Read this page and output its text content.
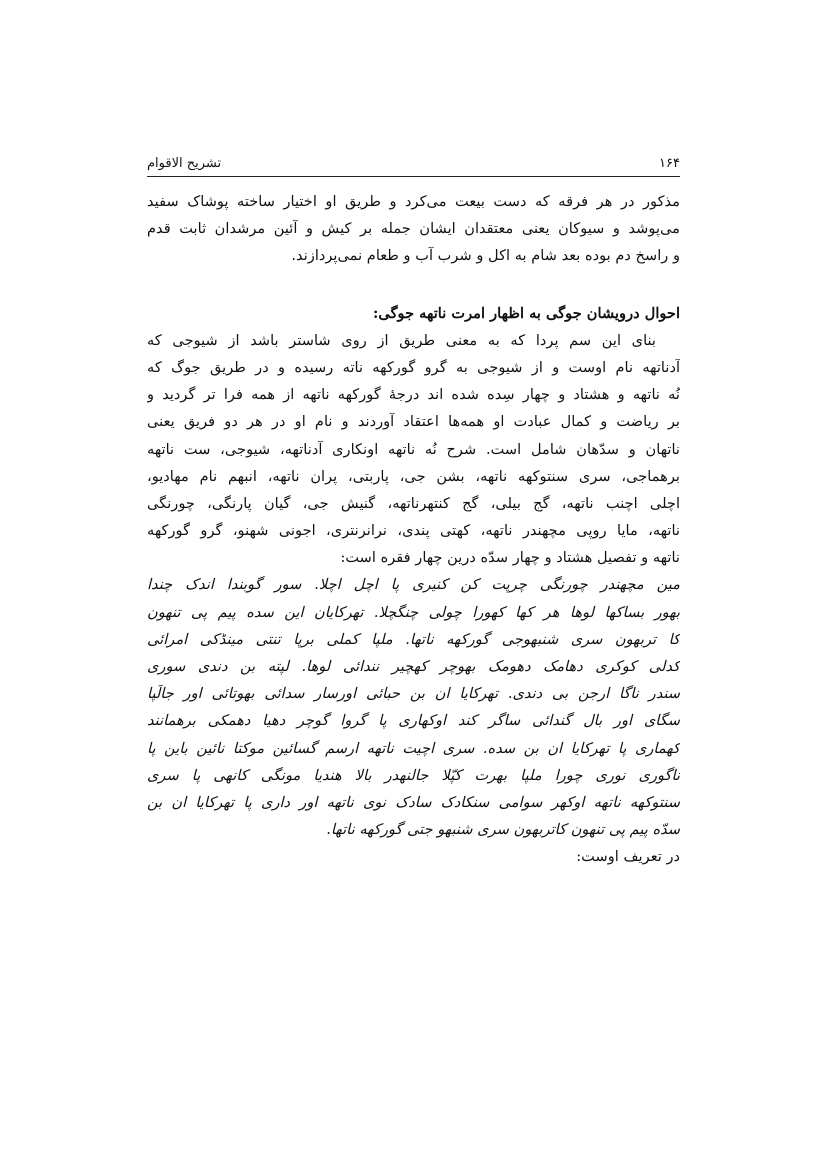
۱۶۴
تشریح الاقوام
مذکور در هر فرقه که دست بیعت می‌کرد و طریق او اختیار ساخته پوشاک سفید
می‌پوشد و سیوکان یعنی معتقدان ایشان جمله بر کیش و آئین مرشدان ثابت قدم
و راسخ دم بوده بعد شام به اکل و شرب آب و طعام نمی‌پردازند.
احوال درویشان جوگی به اظهار امرت ناتهه جوگی:
بنای این سم پردا که به معنی طریق از روی شاستر باشد از شیوجی که
آدناتهه نام اوست و از شیوجی به گرو گورکهه ناته رسیده و در طریق جوگ که
نُه ناتهه و هشتاد و چهار سِده شده اند درجهٔ گورکهه ناتهه از همه فرا تر گردید و
بر ریاضت و کمال عبادت او همه‌ها اعتقاد آوردند و نام او در هر دو فریق یعنی
ناتهان و سدّهان شامل است. شرح نُه ناتهه اونکاری آدناتهه، شیوجی، ست ناتهه
برهماجی، سری سنتوکهه ناتهه، بشن جی، پاربتی، پران ناتهه، انبهم نام مهادیو،
اچلی اچنب ناتهه، گج بیلی، گج کنتهرناتهه، گنیش جی، گیان پارنگی، چورنگی
ناتهه، مایا روپی مچهندر ناتهه، کهتی پندی، نرانرنتری، اجونی شهنو، گرو گورکهه
ناتهه و تفصیل هشتاد و چهار سدّه درین چهار فقره است:
مین مچهندر چورنگی چرپت کن کنیری پا اچل اچلا. سور گوبندا اندک چندا
بهور بساکها لوها هر کها کهورا چولی چنگچلا. تهرکایان این سده پیم پی تنهون
کا تربهون سری شنبهوجی گورکهه ناتها. ملپا کملی برپا تنتی مینڈکی امرائی
کدلی کوکری دهامک دهومک بهوچر کهچیر نندائی لوها. لپته بن دندی سوری
سندر ناگا ارجن بی دندی. تهرکایا ان بن حبائی اورسار سدائی بهوتائی اور جالَپا
سگای اور بال گندائی ساگر کند اوکهاری پا گروا گوچر دهیا دهمکی برهمانند
کهماری پا تهرکایا ان بن سده. سری اچیت ناتهه ارسم گسائین موکتا نائین باین پا
ناگوری نوری چورا ملپا بهرت کپّلا جالنهدر بالا هندیا مونگی کانهی پا سری
سنتوکهه ناتهه اوکهر سوامی سنکادک سادک نوی ناتهه اور داری پا تهرکایا ان بن
سدّه پیم پی تنهون کاتربهون سری شنبهو جتی گورکهه ناتها.
در تعریف اوست:
